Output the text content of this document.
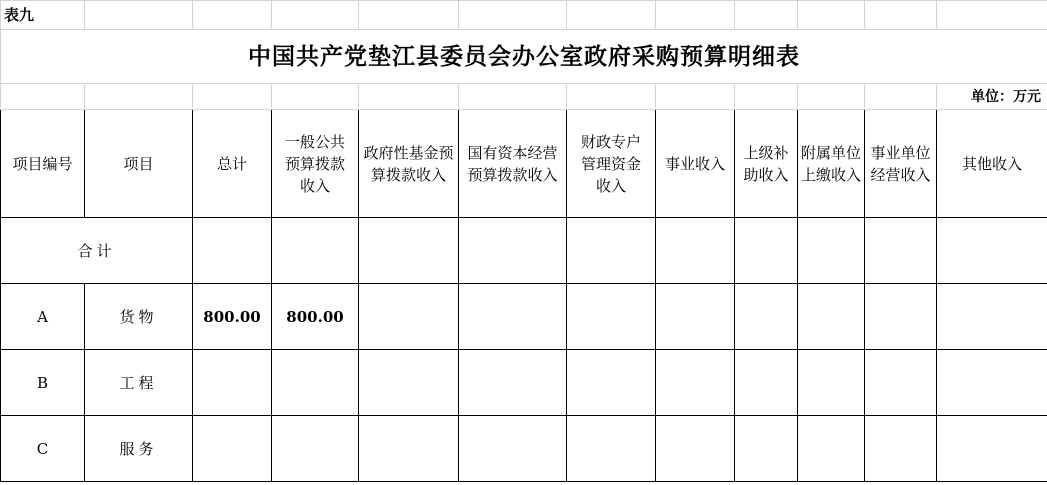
表九											
中国共产党垫江县委员会办公室政府采购预算明细表											
											单位：万元
项目编号	项目	总计	一般公共预算拨款收入	政府性基金预算拨款收入	国有资本经营预算拨款收入	财政专户管理资金收入	事业收入	上级补助收入	附属单位上缴收入	事业单位经营收入	其他收入
合计											
A	货物	800.00	800.00								
B	工程										
C	服务										
